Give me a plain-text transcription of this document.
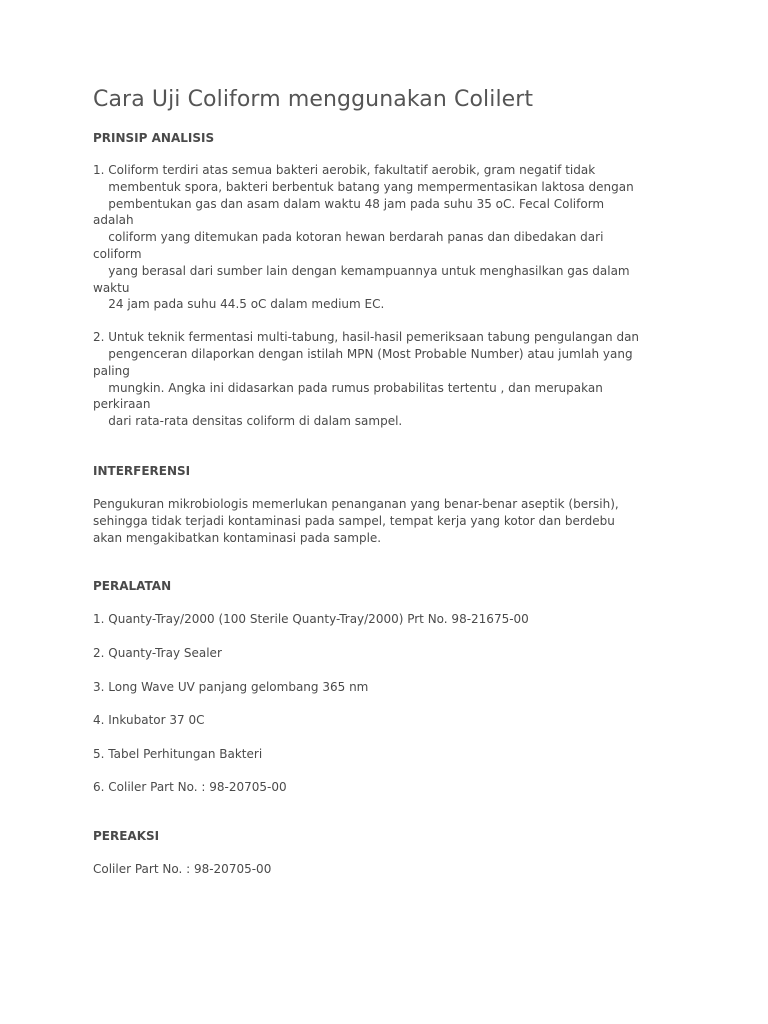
Cara Uji Coliform menggunakan Colilert
PRINSIP ANALISIS
1. Coliform terdiri atas semua bakteri aerobik, fakultatif aerobik, gram negatif tidak
membentuk spora, bakteri berbentuk batang yang mempermentasikan laktosa dengan
pembentukan gas dan asam dalam waktu 48 jam pada suhu 35 oC. Fecal Coliform
adalah
coliform yang ditemukan pada kotoran hewan berdarah panas dan dibedakan dari
coliform
yang berasal dari sumber lain dengan kemampuannya untuk menghasilkan gas dalam
waktu
24 jam pada suhu 44.5 oC dalam medium EC.
2. Untuk teknik fermentasi multi-tabung, hasil-hasil pemeriksaan tabung pengulangan dan
pengenceran dilaporkan dengan istilah MPN (Most Probable Number) atau jumlah yang
paling
mungkin. Angka ini didasarkan pada rumus probabilitas tertentu , dan merupakan
perkiraan
dari rata-rata densitas coliform di dalam sampel.
INTERFERENSI
Pengukuran mikrobiologis memerlukan penanganan yang benar-benar aseptik (bersih),
sehingga tidak terjadi kontaminasi pada sampel, tempat kerja yang kotor dan berdebu
akan mengakibatkan kontaminasi pada sample.
PERALATAN
1. Quanty-Tray/2000 (100 Sterile Quanty-Tray/2000) Prt No. 98-21675-00
2. Quanty-Tray Sealer
3. Long Wave UV panjang gelombang 365 nm
4. Inkubator 37 0C
5. Tabel Perhitungan Bakteri
6. Coliler Part No. : 98-20705-00
PEREAKSI
Coliler Part No. : 98-20705-00
